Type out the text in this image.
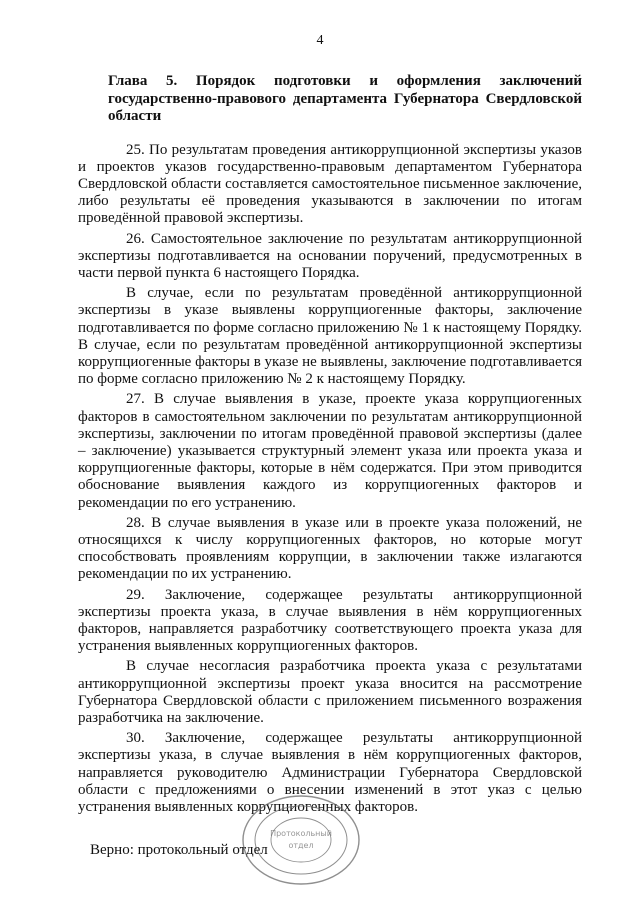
4
Глава 5. Порядок подготовки и оформления заключений государственно-правового департамента Губернатора Свердловской области

25. По результатам проведения антикоррупционной экспертизы указов и проектов указов государственно-правовым департаментом Губернатора Свердловской области составляется самостоятельное письменное заключение, либо результаты её проведения указываются в заключении по итогам проведённой правовой экспертизы.

26. Самостоятельное заключение по результатам антикоррупционной экспертизы подготавливается на основании поручений, предусмотренных в части первой пункта 6 настоящего Порядка.

В случае, если по результатам проведённой антикоррупционной экспертизы в указе выявлены коррупциогенные факторы, заключение подготавливается по форме согласно приложению № 1 к настоящему Порядку. В случае, если по результатам проведённой антикоррупционной экспертизы коррупциогенные факторы в указе не выявлены, заключение подготавливается по форме согласно приложению № 2 к настоящему Порядку.

27. В случае выявления в указе, проекте указа коррупциогенных факторов в самостоятельном заключении по результатам антикоррупционной экспертизы, заключении по итогам проведённой правовой экспертизы (далее – заключение) указывается структурный элемент указа или проекта указа и коррупциогенные факторы, которые в нём содержатся. При этом приводится обоснование выявления каждого из коррупциогенных факторов и рекомендации по его устранению.

28. В случае выявления в указе или в проекте указа положений, не относящихся к числу коррупциогенных факторов, но которые могут способствовать проявлениям коррупции, в заключении также излагаются рекомендации по их устранению.

29. Заключение, содержащее результаты антикоррупционной экспертизы проекта указа, в случае выявления в нём коррупциогенных факторов, направляется разработчику соответствующего проекта указа для устранения выявленных коррупциогенных факторов.

В случае несогласия разработчика проекта указа с результатами антикоррупционной экспертизы проект указа вносится на рассмотрение Губернатора Свердловской области с приложением письменного возражения разработчика на заключение.

30. Заключение, содержащее результаты антикоррупционной экспертизы указа, в случае выявления в нём коррупциогенных факторов, направляется руководителю Администрации Губернатора Свердловской области с предложениями о внесении изменений в этот указ с целью устранения выявленных коррупциогенных факторов.

Верно: протокольный отдел
Протокольный
отдел
